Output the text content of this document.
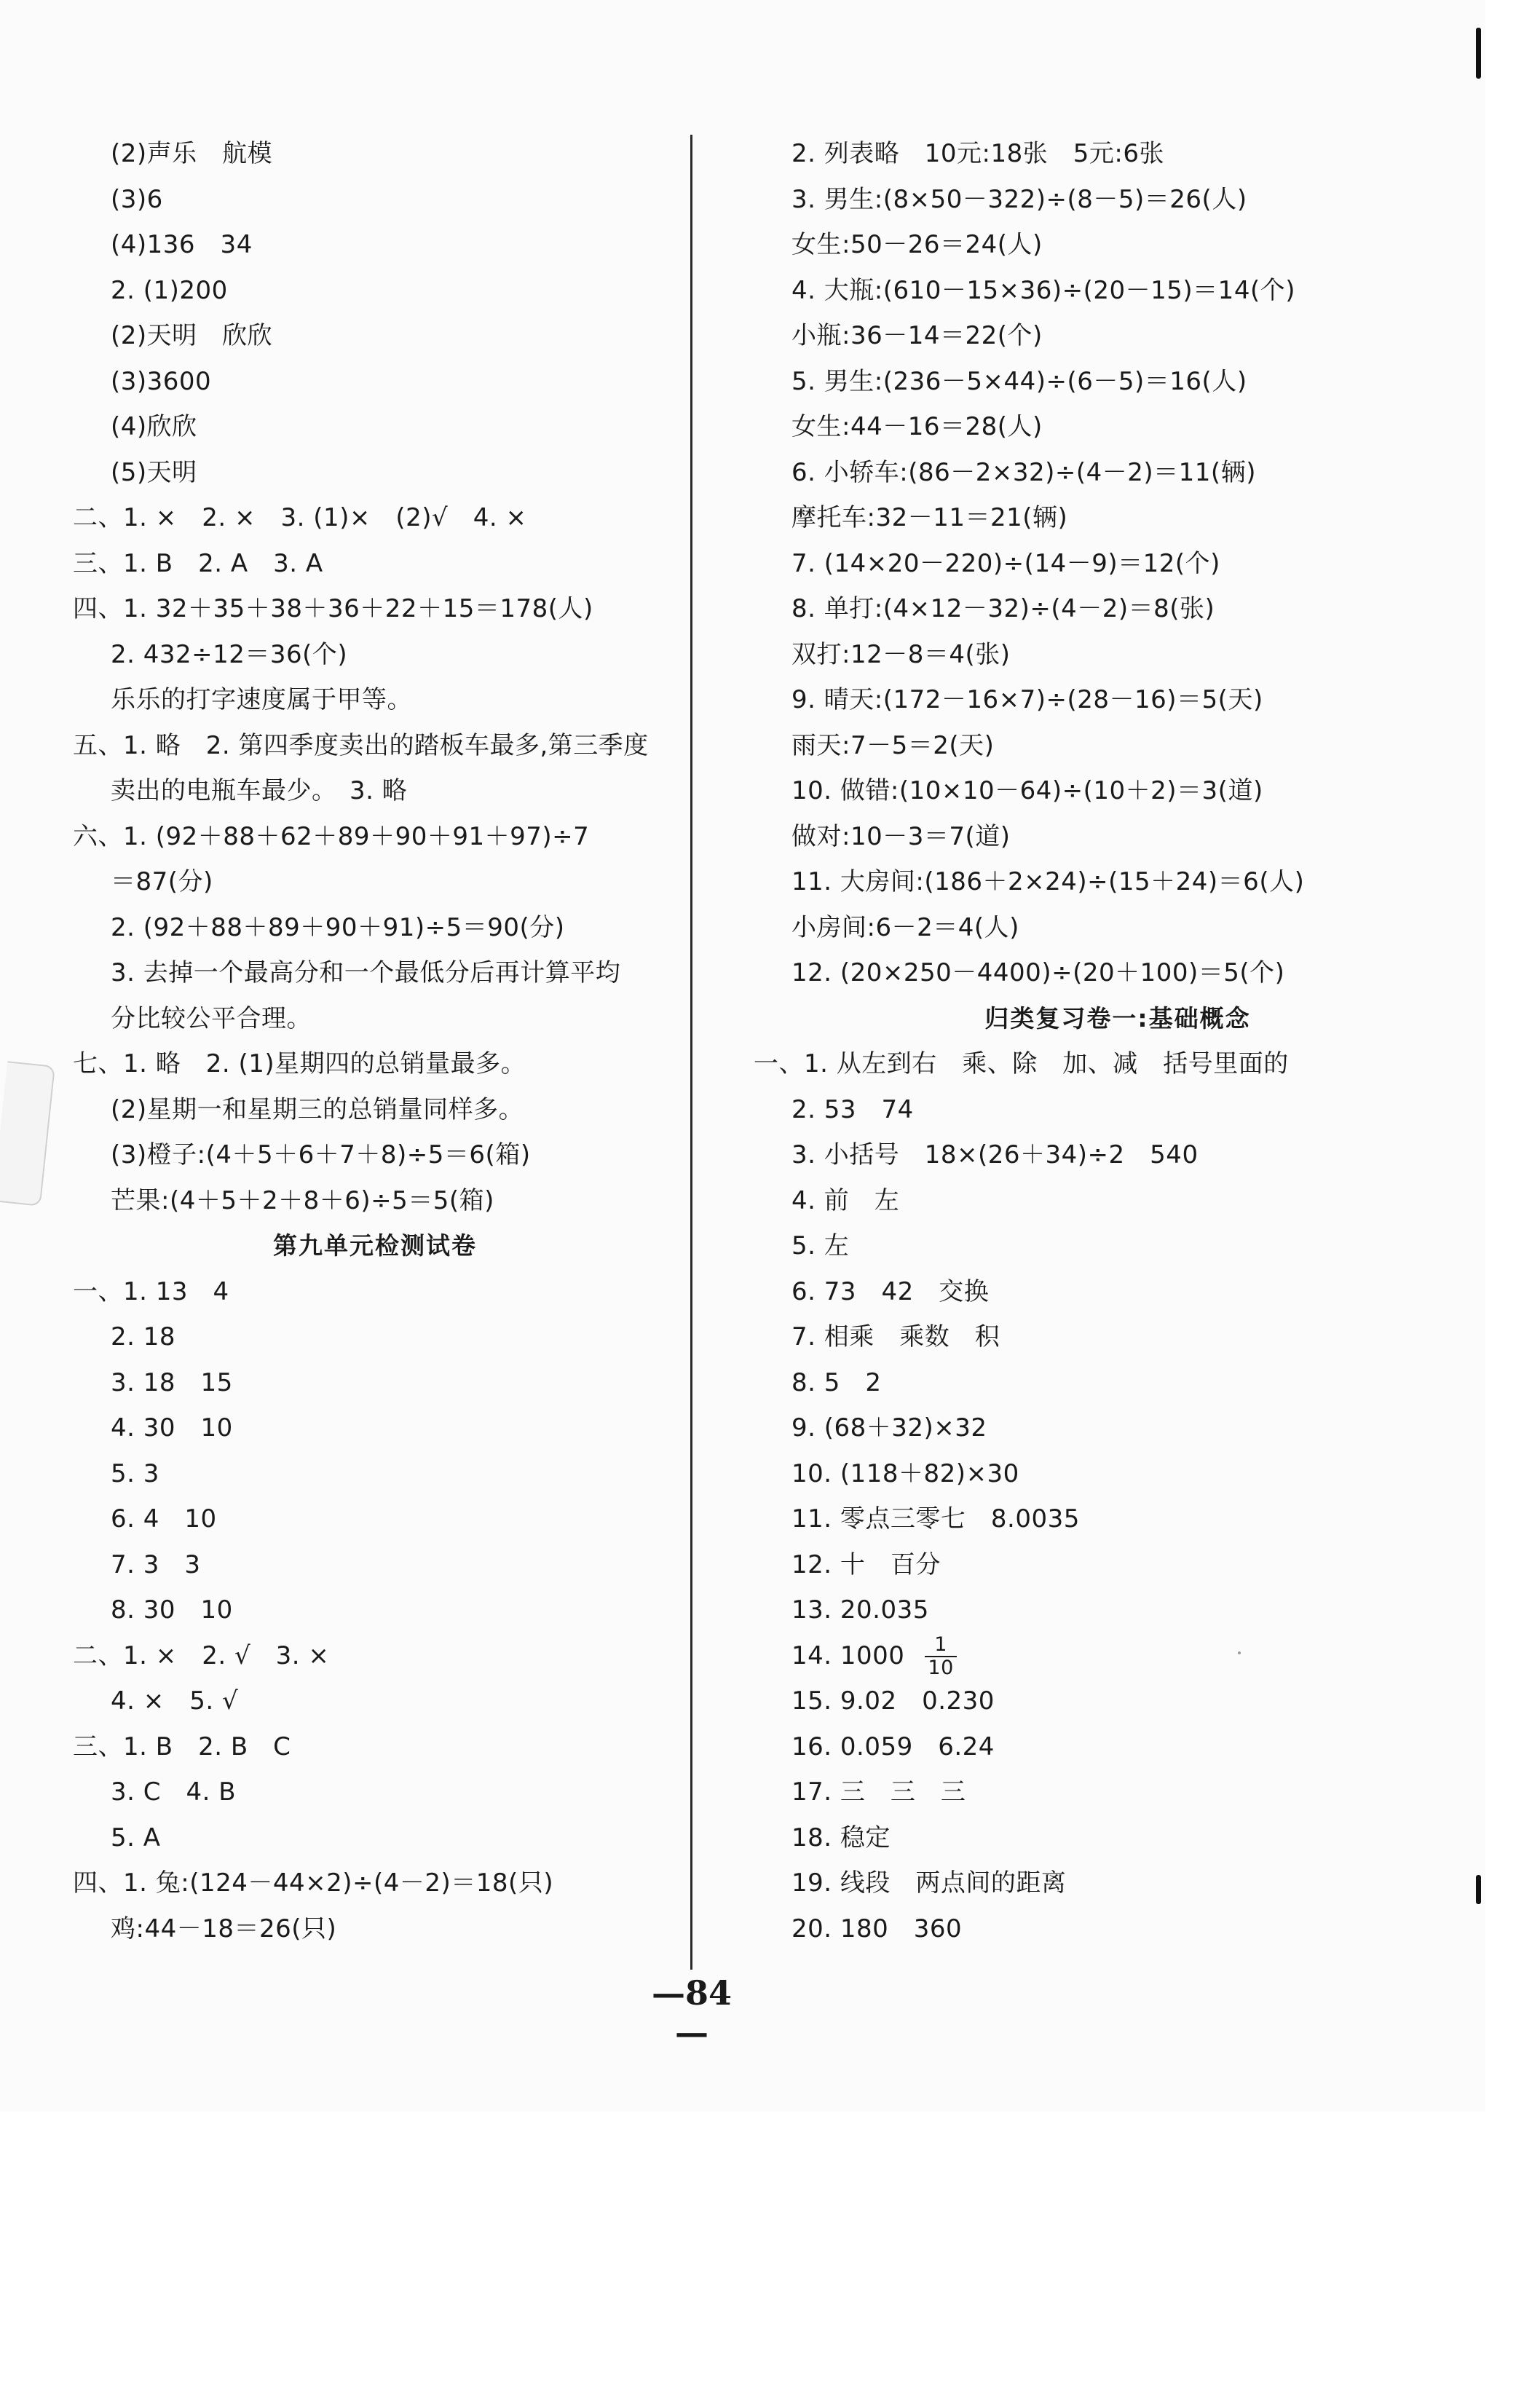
(2)声乐　航模
(3)6
(4)136　34
2. (1)200
(2)天明　欣欣
(3)3600
(4)欣欣
(5)天明
二、1. ×　2. ×　3. (1)×　(2)√　4. ×
三、1. B　2. A　3. A
四、1. 32＋35＋38＋36＋22＋15＝178(人)
2. 432÷12＝36(个)
乐乐的打字速度属于甲等。
五、1. 略　2. 第四季度卖出的踏板车最多,第三季度
卖出的电瓶车最少。　3. 略
六、1. (92＋88＋62＋89＋90＋91＋97)÷7
＝87(分)
2. (92＋88＋89＋90＋91)÷5＝90(分)
3. 去掉一个最高分和一个最低分后再计算平均
分比较公平合理。
七、1. 略　2. (1)星期四的总销量最多。
(2)星期一和星期三的总销量同样多。
(3)橙子:(4＋5＋6＋7＋8)÷5＝6(箱)
芒果:(4＋5＋2＋8＋6)÷5＝5(箱)
第九单元检测试卷
一、1. 13　4
2. 18
3. 18　15
4. 30　10
5. 3
6. 4　10
7. 3　3
8. 30　10
二、1. ×　2. √　3. ×
4. ×　5. √
三、1. B　2. B　C
3. C　4. B
5. A
四、1. 兔:(124－44×2)÷(4－2)＝18(只)
鸡:44－18＝26(只)
2. 列表略　10元:18张　5元:6张
3. 男生:(8×50－322)÷(8－5)＝26(人)
女生:50－26＝24(人)
4. 大瓶:(610－15×36)÷(20－15)＝14(个)
小瓶:36－14＝22(个)
5. 男生:(236－5×44)÷(6－5)＝16(人)
女生:44－16＝28(人)
6. 小轿车:(86－2×32)÷(4－2)＝11(辆)
摩托车:32－11＝21(辆)
7. (14×20－220)÷(14－9)＝12(个)
8. 单打:(4×12－32)÷(4－2)＝8(张)
双打:12－8＝4(张)
9. 晴天:(172－16×7)÷(28－16)＝5(天)
雨天:7－5＝2(天)
10. 做错:(10×10－64)÷(10＋2)＝3(道)
做对:10－3＝7(道)
11. 大房间:(186＋2×24)÷(15＋24)＝6(人)
小房间:6－2＝4(人)
12. (20×250－4400)÷(20＋100)＝5(个)
归类复习卷一:基础概念
一、1. 从左到右　乘、除　加、减　括号里面的
2. 53　74
3. 小括号　18×(26＋34)÷2　540
4. 前　左
5. 左
6. 73　42　交换
7. 相乘　乘数　积
8. 5　2
9. (68＋32)×32
10. (118＋82)×30
11. 零点三零七　8.0035
12. 十　百分
13. 20.035
14. $1000 \frac{1}{10}$
15. 9.02　0.230
16. 0.059　6.24
17. 三　三　三
18. 稳定
19. 线段　两点间的距离
20. 180　360
—84—
